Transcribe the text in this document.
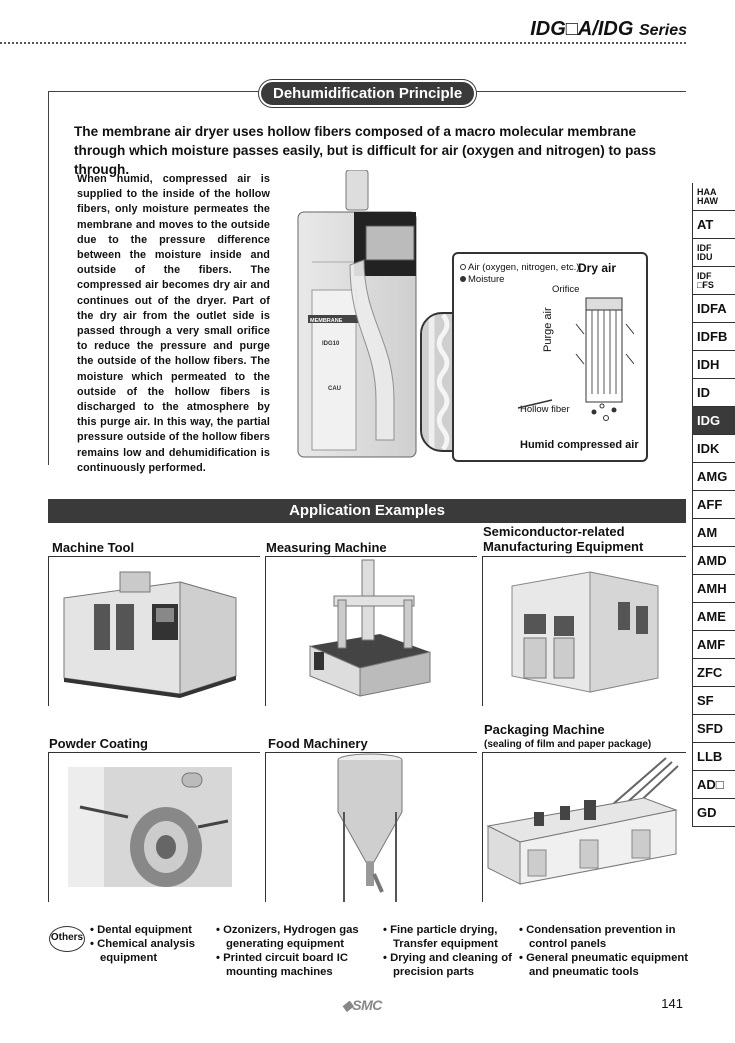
IDG□A/IDG Series
Dehumidification Principle
The membrane air dryer uses hollow fibers composed of a macro molecular membrane through which moisture passes easily, but is difficult for air (oxygen and nitrogen) to pass through.
When humid, compressed air is supplied to the inside of the hollow fibers, only moisture permeates the membrane and moves to the outside due to the pressure difference between the moisture inside and outside of the fibers. The compressed air becomes dry air and continues out of the dryer. Part of the dry air from the outlet side is passed through a very small orifice to reduce the pressure and purge the outside of the hollow fibers. The moisture which permeated to the outside of the hollow fibers is discharged to the atmosphere by this purge air. In this way, the partial pressure outside of the hollow fibers remains low and dehumidification is continuously performed.
MEMBRANE
IDG10
CAU
Air (oxygen, nitrogen, etc.)
Moisture
Dry air
Orifice
Purge air
Hollow fiber
Humid compressed air
Application Examples
Machine Tool	Measuring Machine
Semiconductor-related
Manufacturing Equipment
Powder Coating	Food Machinery
Packaging Machine
(sealing of film and paper package)
Others
• Dental equipment
• Chemical analysis equipment
• Ozonizers, Hydrogen gas generating equipment
• Printed circuit board IC mounting machines
• Fine particle drying, Transfer equipment
• Drying and cleaning of precision parts
• Condensation prevention in control panels
• General pneumatic equipment and pneumatic tools
◆SMC	141
HAA
HAW
AT
IDF
IDU
IDF
□FS
IDFA
IDFB
IDH
ID
IDG
IDK
AMG
AFF
AM
AMD
AMH
AME
AMF
ZFC
SF
SFD
LLB
AD□
GD
